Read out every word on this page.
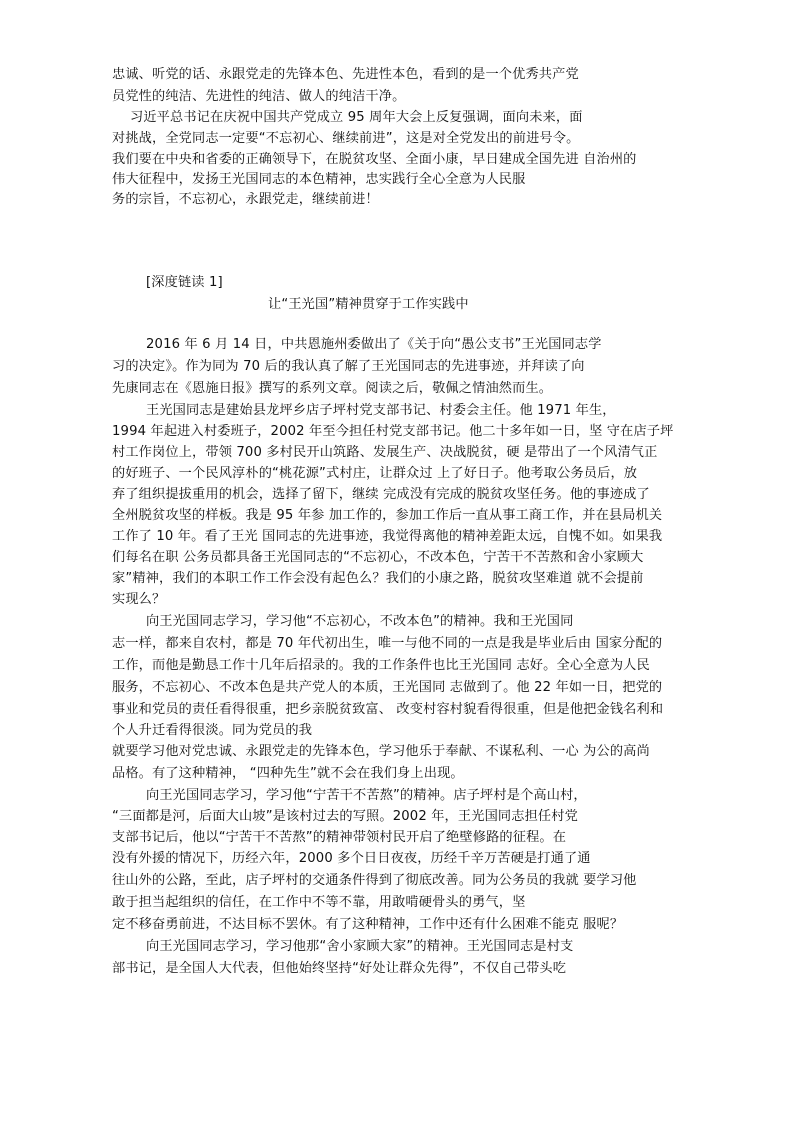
忠诚、听党的话、永跟党走的先锋本色、先进性本色，看到的是一个优秀共产党
员党性的纯洁、先进性的纯洁、做人的纯洁干净。
习近平总书记在庆祝中国共产党成立 95 周年大会上反复强调，面向未来，面
对挑战，全党同志一定要“不忘初心、继续前进”，这是对全党发出的前进号令。
我们要在中央和省委的正确领导下，在脱贫攻坚、全面小康，早日建成全国先进 自治州的
伟大征程中，发扬王光国同志的本色精神，忠实践行全心全意为人民服
务的宗旨，不忘初心，永跟党走，继续前进！
[深度链读 1]
让“王光国”精神贯穿于工作实践中
2016 年 6 月 14 日，中共恩施州委做出了《关于向“愚公支书”王光国同志学
习的决定》。作为同为 70 后的我认真了解了王光国同志的先进事迹，并拜读了向
先康同志在《恩施日报》撰写的系列文章。阅读之后，敬佩之情油然而生。
王光国同志是建始县龙坪乡店子坪村党支部书记、村委会主任。他 1971 年生，
1994 年起进入村委班子，2002 年至今担任村党支部书记。他二十多年如一日，坚 守在店子坪
村工作岗位上，带领 700 多村民开山筑路、发展生产、决战脱贫，硬 是带出了一个风清气正
的好班子、一个民风淳朴的“桃花源”式村庄，让群众过 上了好日子。他考取公务员后，放
弃了组织提拔重用的机会，选择了留下，继续 完成没有完成的脱贫攻坚任务。他的事迹成了
全州脱贫攻坚的样板。我是 95 年参 加工作的，参加工作后一直从事工商工作，并在县局机关
工作了 10 年。看了王光 国同志的先进事迹，我觉得离他的精神差距太远，自愧不如。如果我
们每名在职 公务员都具备王光国同志的“不忘初心，不改本色，宁苦干不苦熬和舍小家顾大
家”精神，我们的本职工作工作会没有起色么？我们的小康之路，脱贫攻坚难道 就不会提前
实现么？
向王光国同志学习，学习他“不忘初心，不改本色”的精神。我和王光国同
志一样，都来自农村，都是 70 年代初出生，唯一与他不同的一点是我是毕业后由 国家分配的
工作，而他是勤恳工作十几年后招录的。我的工作条件也比王光国同 志好。全心全意为人民
服务，不忘初心、不改本色是共产党人的本质，王光国同 志做到了。他 22 年如一日，把党的
事业和党员的责任看得很重，把乡亲脱贫致富、 改变村容村貌看得很重，但是他把金钱名利和
个人升迁看得很淡。同为党员的我
就要学习他对党忠诚、永跟党走的先锋本色，学习他乐于奉献、不谋私利、一心 为公的高尚
品格。有了这种精神， “四种先生”就不会在我们身上出现。
向王光国同志学习，学习他“宁苦干不苦熬”的精神。店子坪村是个高山村，
“三面都是河，后面大山坡”是该村过去的写照。2002 年，王光国同志担任村党
支部书记后，他以“宁苦干不苦熬”的精神带领村民开启了绝壁修路的征程。在
没有外援的情况下，历经六年，2000 多个日日夜夜，历经千辛万苦硬是打通了通
往山外的公路，至此，店子坪村的交通条件得到了彻底改善。同为公务员的我就 要学习他
敢于担当起组织的信任，在工作中不等不靠，用敢啃硬骨头的勇气，坚
定不移奋勇前进，不达目标不罢休。有了这种精神，工作中还有什么困难不能克 服呢？
向王光国同志学习，学习他那“舍小家顾大家”的精神。王光国同志是村支
部书记，是全国人大代表，但他始终坚持“好处让群众先得”，不仅自己带头吃
